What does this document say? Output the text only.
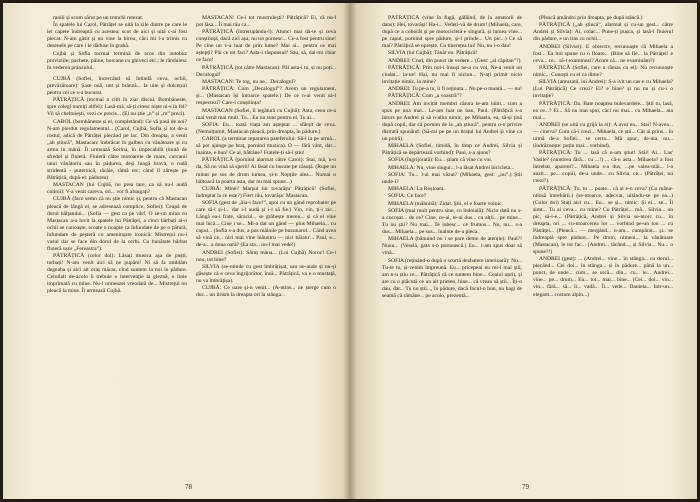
molii și scum sărut pe un trunchi retezat.

În spatele lui Carol, Pătrăței se uită la zile dintre pe care le iei capete îndreaptă cu acestea; scot de aici și uită c-ai fost plecat. N-am găsit și nu vine la birou, căci mi l-a trimis cu desenele pe care i le dăduse în grabă.

Cujbă și Sofia tocmai termină de scos din autobuz proviziile; pachete, pâine, borcane cu ghiveci etc.; le rânduiesc în vederea prânzului.

CUJBĂ (Sofiei, încercând să întindă ceva, ochii, prevăzătoare): Șase ouă, unt și brânză... Ia uite și dulcețuri pentru cei ce s-a bucurat.

PĂTRĂȚICĂ (tocmai a citit în ziar discul. Bombăneste, spre colegi numiți altfel): Lasă-mă, să-ți citesc niște ni-s în fel? Vii să cheltuiești, vezi ce precis... (El nu știe „n” și „m” preci).

CAROL (bombăneste și el, completând): Ce vă pasă de noi? N-am pierdut regulamentul... (Carol, Cujbă, Sofia și tot de-a rostul, adică de Pătrăței plecând pe lac. Din dreapta, a venit „ab știucă”, Mastacan: îmbrăcat în galben cu vânătoare și cu arma în mână. Îl urmează Sorina, în impecabilă ținută de sfredel și fluieră. Fluieră către motoarele de mare, curcanii unui vânătoriu sau în pădurea, deși lungă brava, o rudă stridentă - puternică, răcăie, râmă etc; când îl zărește pe Pătrățică, după-el: pădurea)

MASTACAN (lui Cujbă, nu prea tare, ca să nu-l audă colinii): V-a venit careva, ori... vor fi alungați?

CUJBĂ (face semn că nu știe nimic și, pentru că Mastacan pleacă de lângă el, se adresează complice, Sofiei): Ceapă de dorul bălțatului... (Sofia — gest ca pe vârf. O se-un mîna cu Mastacan a-a lovit la spatele lui Pătrăței, a cinci bărbați ai-o ochii se cunoaște, scoate o noapte ca înfundate de pe o pătură, înfundare de peșteră cu ameninșare ironică: Mistrețul nu-i vasul dar se face din dorul de la cerbi. Cu bunătate bărbat fluieră ușor „Fereastra”).

PĂTRĂȚICĂ (celor doi): Lăsați musica așa de puști, turbați! N-am venit aici să ne pupăm! Ni să fa umblăm degeaba și aici alt oraș măcar, cînd suntem la noi în pădure. Celuilalt de-acolo îi trebuie o intervenție la gleznă, o linie imprimată cu mine. Nu-l urmeazei vreodată de... Mistrețul nu pleacă la mine. Îi urmează Cujbă.

MASTACAN: Ce-i tot mustrulești? Pătrățică? Ei, că nu-l pot lăsa... Îi mai rău ca...

PĂTRĂȚICĂ (întrerupându-l): Atunci mai dă-te și ceva conștiință, dacă zici așa; nu tot pornesc... Ce-a fost pentru sine! Pe cine un v-a luat de prin lume? Mai ai... pentru ce mai aștepți? Păi ce tot faci? Asta-i răspunsul? Sau, să, dai-mi chiar ce face!

PĂTRĂȚICĂ (tot către Mastacan): Păi asta-i tu, și nu poți... Decalogul!

MASTACAN: Te rog, nu ne... Decalogul?

PĂTRĂȚICĂ: Cum „Decalogul”? Avem un regulament, și... (Mastacan își întoarce spatele.) De ce n-ai venit să-l respectezi? Care-i conștiința?

MASTACAN (Sofiei, îl legătură cu Cujbă): Asta, ceea ce-a mai venit mai mult. Tu... Eu nu sunt pentru el. Tu ai...

SOFIA: Eu... toată viața am așteptat ... sfârșit de ceva. (Nemulțumit, Mastacan pleacă, prin dreapta, în pădure.)

CAROL (a terminat repararea pateferului: Să-l ia pe urmă... să pot ajunge pe braț, pornind muzica). O — fără vânt, dar... înainte, e bun! Ce ai, bătrâne? Fratele-ți să-l știu!

PĂTRĂȚICĂ (pornind alarmat către Carol): Stai, mă, n-o da, Să nu vină să sperii! Ai lăsat cu bucate pe căsuță. (Rupe un minut pe sus de drum lumea, și-n Nopțile alea... Numai o băltoacă la poarta asta, dar nu mai spune...)

CUJBĂ: Mine? Marșul lui tovarășu' Pătrățică! (Sofiei, îndreptat la ce este?) Fiert rău, tovarășu' Mastacan.

SOFIA (gest de „ăia-i face!”, apoi cu un gând reprobator pe care să-l și-l... dar i-l audă și i-l să fie.) Vin, vin, ți-i zic... Lângă ea-i frate, săracul... se grăbește mereu... și că el vine mai încă... Cine i se... Mi-a dat un gând — plus Mihaela... cu capul... (Sofia s-a dus, a pus mâinile pe buzunarul... Când avea să vină ce... nici mai vine înăuntru — nici băiatu'... Paul, e... de-a... a doua oară? (Ea sta... nu-l mai vede!)

ANDREI (Sofiei): Săruț mâna... (Lui Cujbă) Noroc! Ce-i nou, tot bine?

SILVIA (se-ntinde cu gest îmbrățișat, sau ne-aude și nu-și găsește că e ceva îngrijorător, însă... Pătrățică, va e o mustață, nu va îmbrățișa).

CUJBĂ: Ce oare și-n venit... (A-ntins... ne șterge cum o duc... un lirism la dreapta ori la stânga...

78

PĂTRĂȚICĂ (vine în fugă, gâfâind, de la amatorii de dans): Hei, tovarăși! Ha-i... Vedeți-vă de drum! (Mihaela, care, după ce a coborât și pe motocicletă e singură, și lumea vine... pe capul, pornind spre pădure, și-l prinde... Un pic...) Ce să mai? Pătrățică se oprește. Cu tinerețea lui! Nu, nu i-o dau!

SILVIA (lui Cujbă): Tânăr eu. Pătrățică!

ANDREI: Crud, din punct de vedere... (Gest: „al căpitan”?)

PĂTRĂȚICĂ: Prin noi-i însuși ne-a cu voi, Ne-a venit un ciudat... ia-ne! Hai, nu mai fi niciun... N-ați primit nicio invitație nimic, la mine?

ANDREI: Tu pe-a tu, îi fi reținuta... Nu pe-o muntă... — nu!

PĂTRĂȚICĂ: Cum „a voastră”?

ANDREI: Am invitat membri cărora le-am iubit... cum a spus pe una mai... Le-am luat un ban, Paul. (Pătrățică s-a întors pe Andrei și să n-aiba nimic, pe Mihaela, ea, să-și țină după copil, dar că pornim de la „ab știucă”, pentru o-o privire distrată spunând: (Să-mi pe pe un brațul lui Andrei și vine ca un poiră).

MIHAELA (Sofiei, timidă, în timp ce Andrei, Silvia și Pătrățică se depărtează vorbind): Paul, s-a ajuns?

SOFIA (îngrijorată): Eu... știam că vine cu voi.

MIHAELA: Nu, vine singur... l-a lăsat Andrei bicicleta...

SOFIA: Tu... l-ai mai văzut? (Mihaela, gest: „nu”.) Știi unde-i?

MIHAELA: La Roșioara.

SOFIA: Ce face?

MIHAELA (mâhnită): Zidar. Știi, el e foarte voinic.

SOFIA (mai mult pentru sine, cu îndoială): Nicio dată nu s-a cocoșat... de ce? Cine, ce-ai, te-ai dus... cu alții... pe mine... Tu nu știi? Nu mai... Te iubesc... ce frumos... Nu, nu... s-a dus... Mihaela... pe sus... înainte de-a pleca.

MIHAELA (bănuind nu i se pare demn de atenție): Paul?! Nuuu... (Veselă, gata s-o pornească.) Eu... i-am spus doar să vină...

SOFIA (reținând-o după o scurtă dezbatere interioară): Nu... Tu-te tu, și-venim împreună. Eu... pricepeai nu mi-l mai știi, am n-u știu ce... Pătrățică că ce suntem bine... Ceaiul oprit, și are cu o plăcută ce un alt prieten, bine... că vreau să știi... Îți-o dau, dar... Tu nu știi..., în pădure, dacă focul-n bun, nu bagi de seamă că rămâne... pe acolo, prezentă...

(Pleacă amândoi prin dreapta, pe după stâncă.)

PĂTRĂȚICĂ („ab știucă”, alarmat și cu-un gest... către Andrei și Silvia): Ai, colac... Pune-ți pușca, și lasă-l fluierul din pădure, e un tras cu ochii...

ANDREI (Silviei): E obiectiv, recunoaște că Mihaela a fost... Ea îmi spune cu o floare... (Bine să fie... la Pătrăței! e ceva... ce... să-l examinezi? Acum că... ne examinăm?)

PĂTRĂȚICĂ (Sofiei, care a rămas cu el): Nu recunoaște nimic... Cunoști cu el ca dime?

SILVIA (amuzată, lui Andrei): S-a ivit un cas e cu Mihaela? (Lui Pătrățică) Ce crezi? Ei? e bine? și nu nu și cu-i o invitație?

PĂTRĂȚICĂ: Da. Bate noaptea bulevardele... Știi tu, lasă, ea ce...? Ei... Să nu mai spui, căci nu mai... cu Mihaela... aia mai...

ANDREI (se uită cu grijă la ei): A avut ea... Stai! N-avea... — cineva? Cum că-i crezi... Mihaela, ce știi... Cât ai prins... în urmă de-a Sofiei... se certa... Mă apuc, de-aia, nu... (îndrăznește: puțin mai... vorbind).

PĂTRĂȚICĂ: Tu ... lasă că n-am știut! Stăi! Ai... Las' Vasile? (nuntirea fără... cu ...!) ... că-n asta... Mihaela? a fost întrebat, aparent?... Mihaela s-a dus, ...pe valea-ntâi... l-a auzit... pe... copiii, de-a unde... cu Silvia, ce... (Pătrăței, nu crezi?).

PĂTRĂȚICĂ: Tu, tu ... poate... că ai e-n ceva? (Cu mâna-ntinsă întrebării.) (se-ntoarce, adecvat, uitându-se pe ea...) (Color doi) Stați aici cu... Eu... se și... nimic. Și ei... se... Îl simt... Tu ai ceva... cu mine? Cu Pătrăței... mă... Silvia... un pic, să-i-e... (Pătrățică, Andrei și Silvia se-ntorc cu... în dreapta, ori ... cu-ntoarcerea lor ... vorbind pe-un ton ... cu Pătrăței... (Pleacă... — mergând... n-am... cumpărat... și.. se îndreaptă spre pădure... Pe drum, nimeni... la vânătoare (Mastacan), le tot fac... (Andrei... tăcând..., și Silvia... Nu... o spune?!)

ANDREI (gest): ... (Andrei... vine... în stânga... cu dorul... plecând... Cei doi... în stânga... și în pădure... până la un... punct, de unde... cum... se urcă... din... cu... le... Andrei... vine... pe... drum... Eu... tot... mai... bine... (Cei... doi... vin... vin... fără... să... îi... vadă... Îi... vede... Daniela... Intr-un... elegant... costum alpin...)

79
